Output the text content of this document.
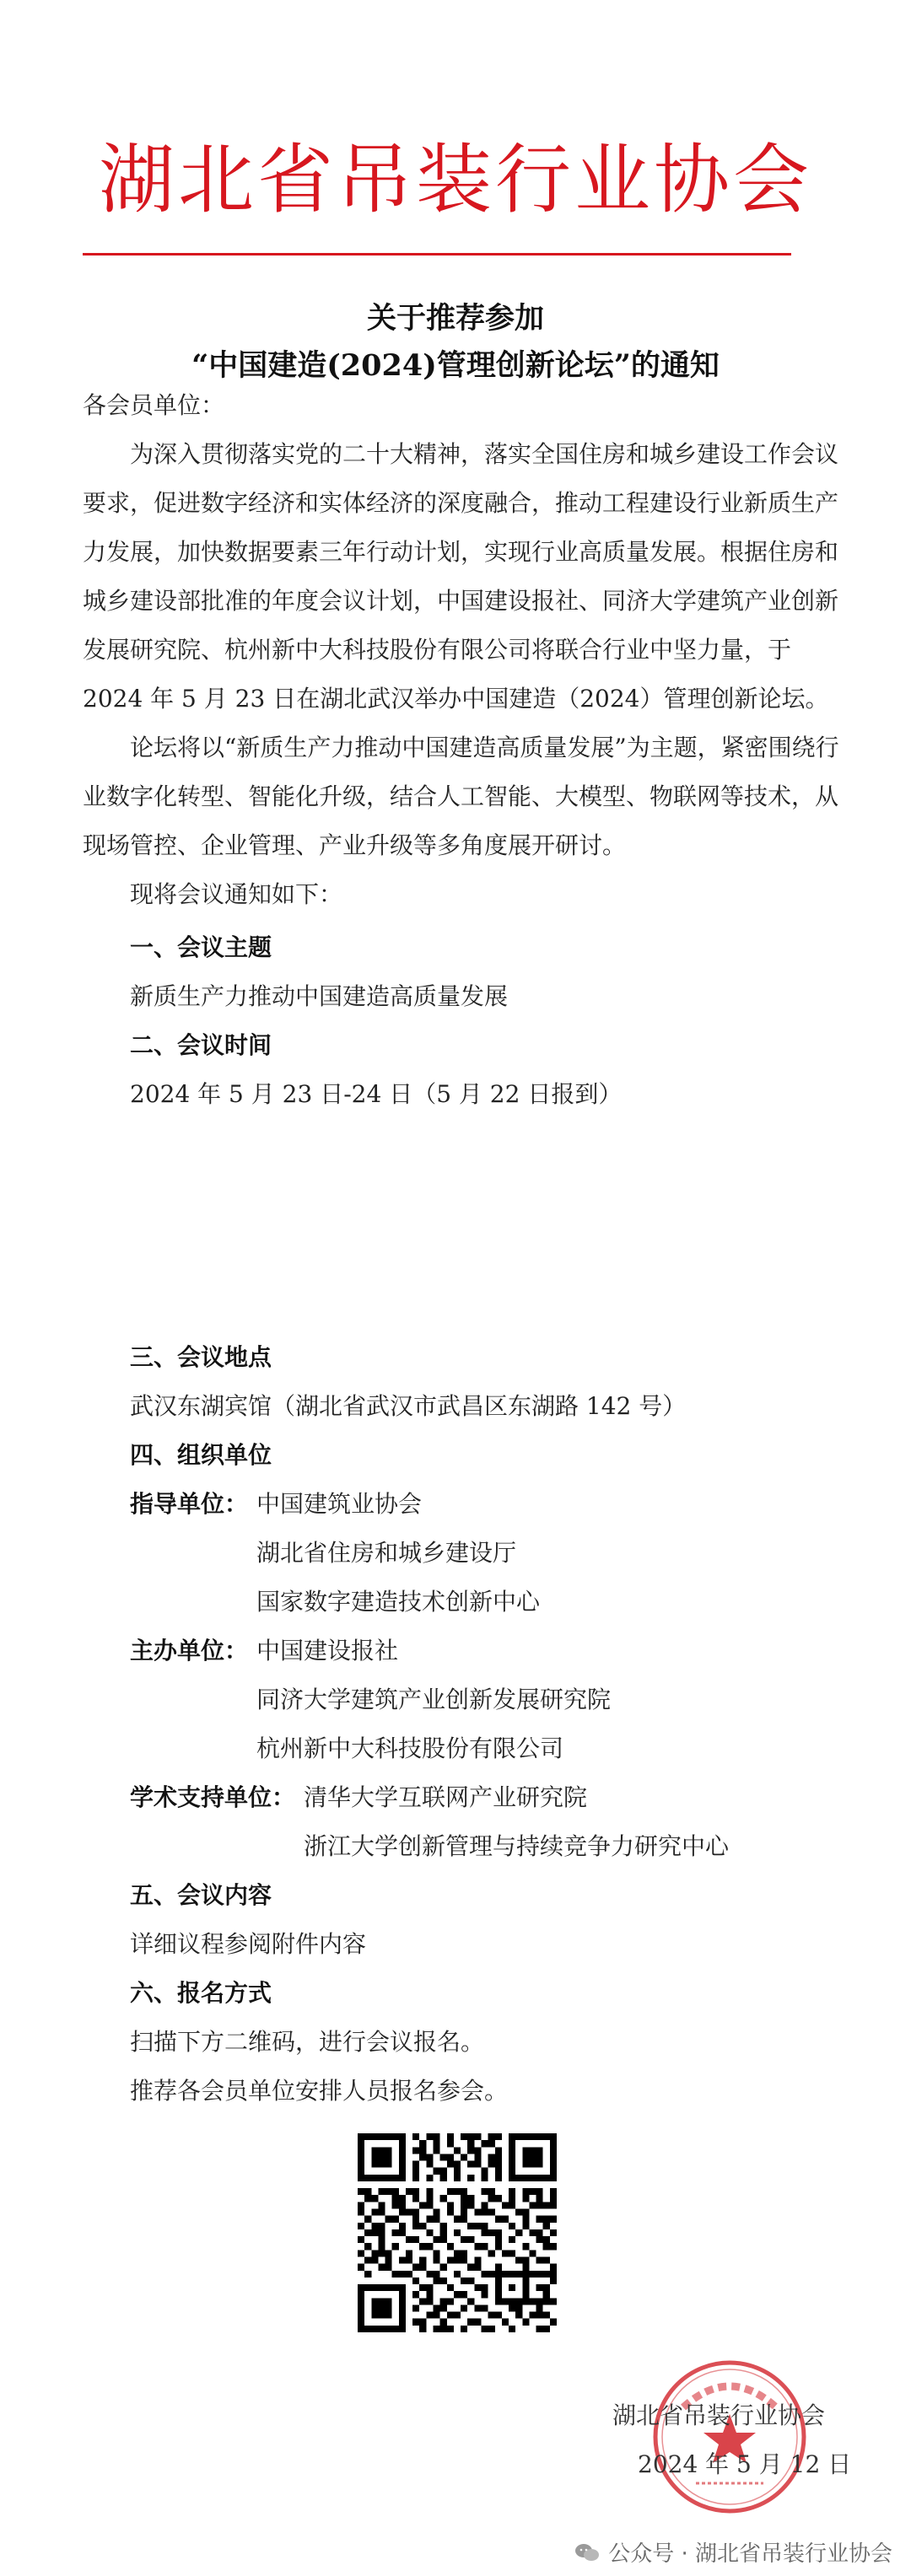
湖北省吊装行业协会
关于推荐参加
“中国建造(2024)管理创新论坛”的通知
各会员单位：
为深入贯彻落实党的二十大精神，落实全国住房和城乡建设工作会议要求，促进数字经济和实体经济的深度融合，推动工程建设行业新质生产力发展，加快数据要素三年行动计划，实现行业高质量发展。根据住房和城乡建设部批准的年度会议计划，中国建设报社、同济大学建筑产业创新发展研究院、杭州新中大科技股份有限公司将联合行业中坚力量，于 2024 年 5 月 23 日在湖北武汉举办中国建造（2024）管理创新论坛。
论坛将以“新质生产力推动中国建造高质量发展”为主题，紧密围绕行业数字化转型、智能化升级，结合人工智能、大模型、物联网等技术，从现场管控、企业管理、产业升级等多角度展开研讨。
现将会议通知如下：
一、会议主题
新质生产力推动中国建造高质量发展
二、会议时间
2024 年 5 月 23 日-24 日（5 月 22 日报到）
三、会议地点
武汉东湖宾馆（湖北省武汉市武昌区东湖路 142 号）
四、组织单位
指导单位： 中国建筑业协会
湖北省住房和城乡建设厅
国家数字建造技术创新中心
主办单位： 中国建设报社
同济大学建筑产业创新发展研究院
杭州新中大科技股份有限公司
学术支持单位： 清华大学互联网产业研究院
浙江大学创新管理与持续竞争力研究中心
五、会议内容
详细议程参阅附件内容
六、报名方式
扫描下方二维码，进行会议报名。
推荐各会员单位安排人员报名参会。
湖北省吊装行业协会
2024 年 5 月 12 日
公众号 · 湖北省吊装行业协会
